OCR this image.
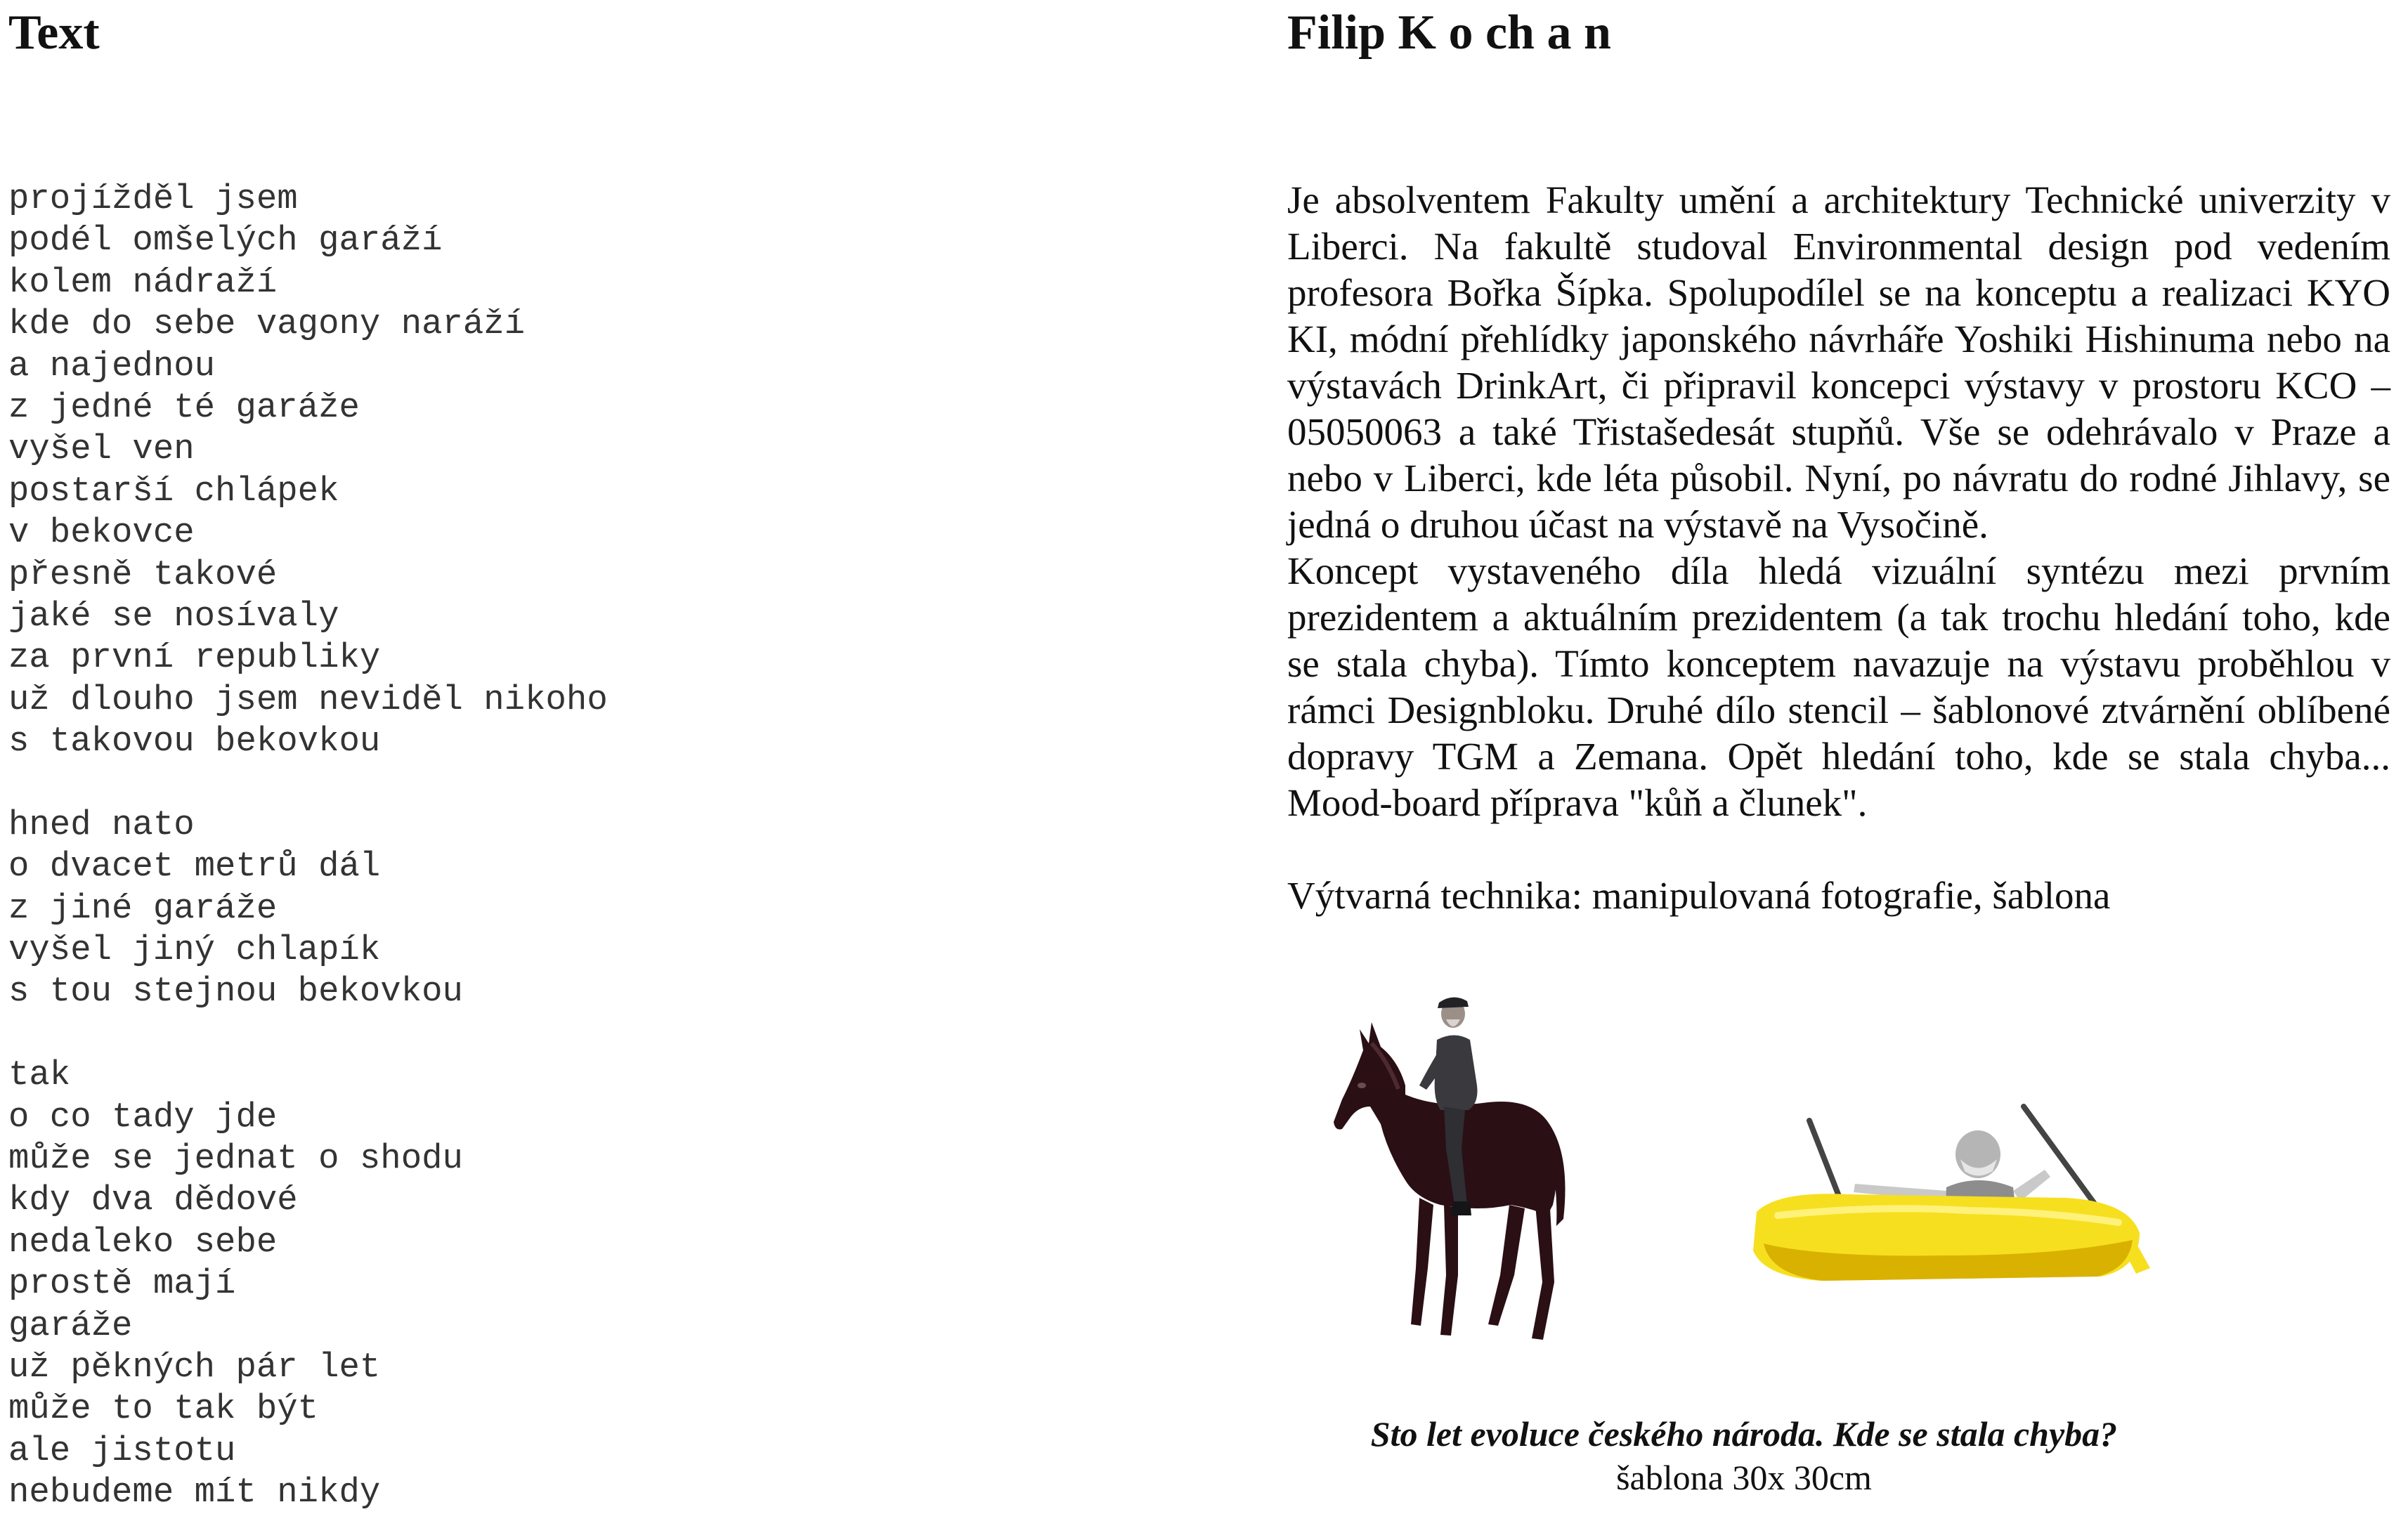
Text
projížděl jsem
podél omšelých garáží
kolem nádraží
kde do sebe vagony naráží
a najednou
z jedné té garáže
vyšel ven
postarší chlápek
v bekovce
přesně takové
jaké se nosívaly
za první republiky
už dlouho jsem neviděl nikoho
s takovou bekovkou
hned nato
o dvacet metrů dál
z jiné garáže
vyšel jiný chlapík
s tou stejnou bekovkou
tak
o co tady jde
může se jednat o shodu
kdy dva dědové
nedaleko sebe
prostě mají
garáže
už pěkných pár let
může to tak být
ale jistotu
nebudeme mít nikdy
Filip K o ch a n

Je absolventem Fakulty umění a architektury Technické univerzity v Liberci. Na fakultě studoval Environmental design pod vedením profesora Bořka Šípka. Spolupodílel se na konceptu a realizaci KYO KI, módní přehlídky japonského návrháře Yoshiki Hishinuma nebo na výstavách DrinkArt, či připravil koncepci výstavy v prostoru KCO – 05050063 a také Třistašedesát stupňů. Vše se odehrávalo v Praze a nebo v Liberci, kde léta působil. Nyní, po návratu do rodné Jihlavy, se jedná o druhou účast na výstavě na Vysočině.

Koncept vystaveného díla hledá vizuální syntézu mezi prvním prezidentem a aktuálním prezidentem (a tak trochu hledání toho, kde se stala chyba). Tímto konceptem navazuje na výstavu proběhlou v rámci Designbloku. Druhé dílo stencil – šablonové ztvárnění oblíbené dopravy TGM a Zemana. Opět hledání toho, kde se stala chyba... Mood-board příprava "kůň a člunek".

Výtvarná technika: manipulovaná fotografie, šablona

Sto let evoluce českého národa. Kde se stala chyba?
šablona 30x 30cm
